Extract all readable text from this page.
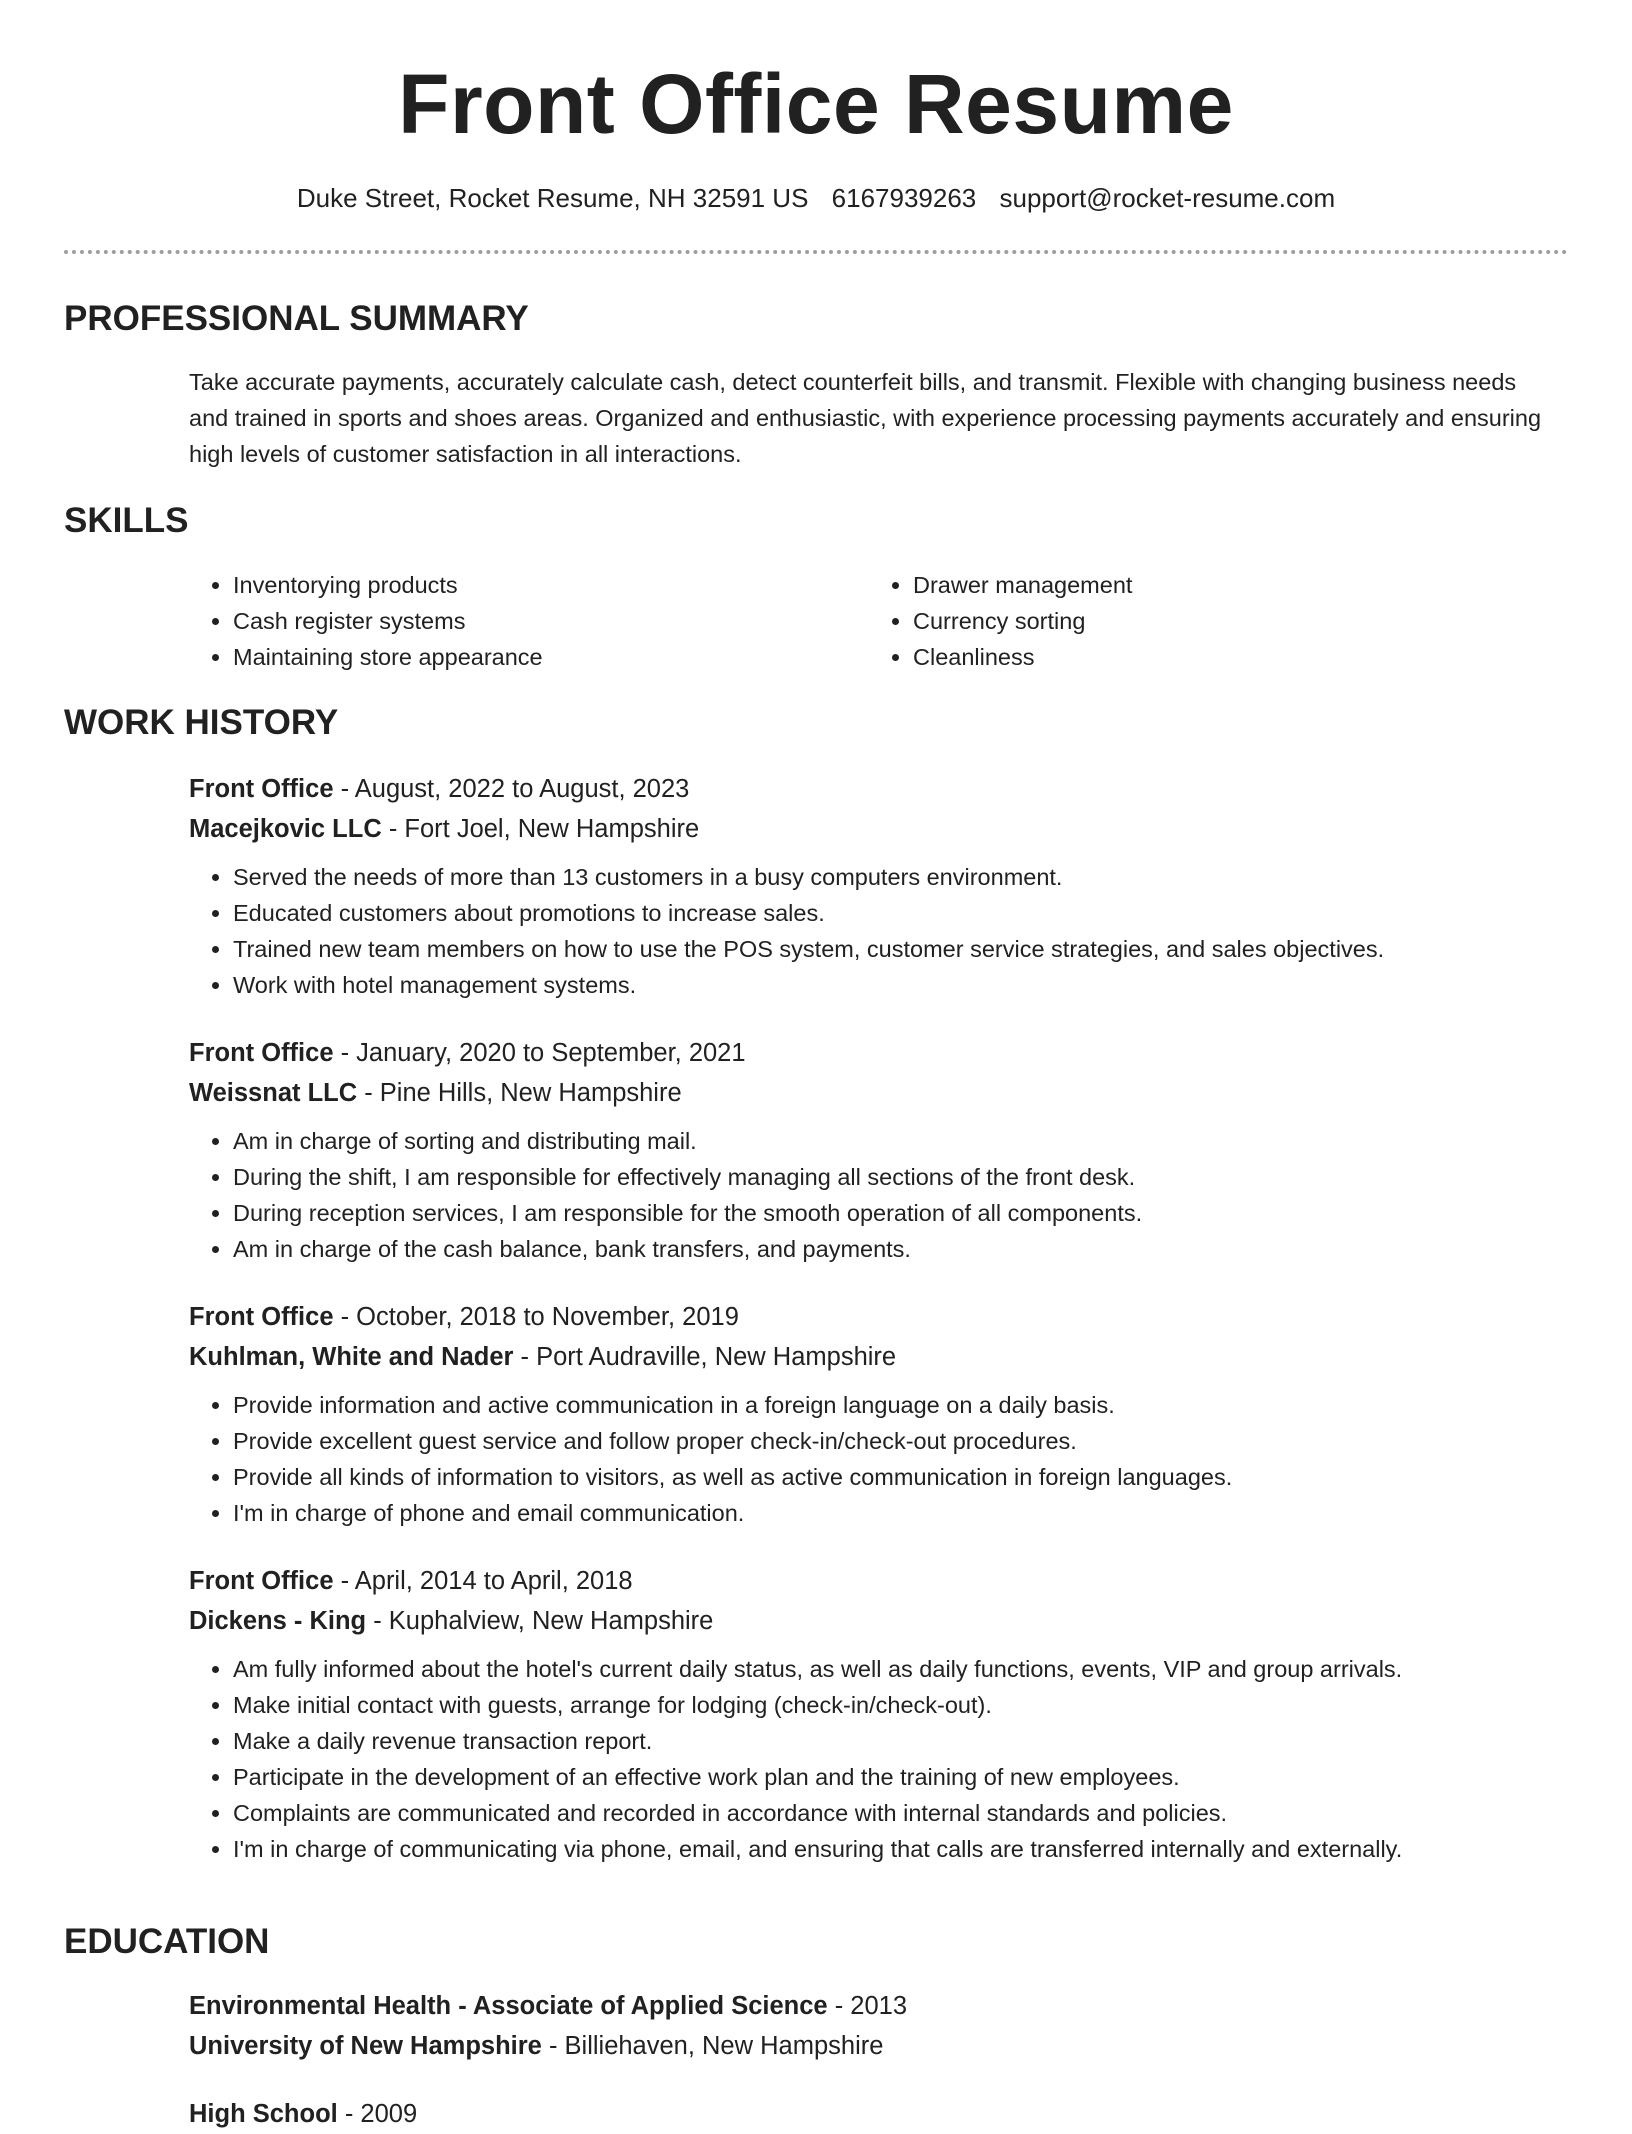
Front Office Resume
Duke Street, Rocket Resume, NH 32591 US 6167939263 support@rocket-resume.com
PROFESSIONAL SUMMARY

Take accurate payments, accurately calculate cash, detect counterfeit bills, and transmit. Flexible with changing business needs and trained in sports and shoes areas. Organized and enthusiastic, with experience processing payments accurately and ensuring high levels of customer satisfaction in all interactions.

SKILLS
• Inventorying products
• Cash register systems
• Maintaining store appearance
• Drawer management
• Currency sorting
• Cleanliness
WORK HISTORY
Front Office - August, 2022 to August, 2023
Macejkovic LLC - Fort Joel, New Hampshire
• Served the needs of more than 13 customers in a busy computers environment.
• Educated customers about promotions to increase sales.
• Trained new team members on how to use the POS system, customer service strategies, and sales objectives.
• Work with hotel management systems.
Front Office - January, 2020 to September, 2021
Weissnat LLC - Pine Hills, New Hampshire
• Am in charge of sorting and distributing mail.
• During the shift, I am responsible for effectively managing all sections of the front desk.
• During reception services, I am responsible for the smooth operation of all components.
• Am in charge of the cash balance, bank transfers, and payments.
Front Office - October, 2018 to November, 2019
Kuhlman, White and Nader - Port Audraville, New Hampshire
• Provide information and active communication in a foreign language on a daily basis.
• Provide excellent guest service and follow proper check-in/check-out procedures.
• Provide all kinds of information to visitors, as well as active communication in foreign languages.
• I'm in charge of phone and email communication.
Front Office - April, 2014 to April, 2018
Dickens - King - Kuphalview, New Hampshire
• Am fully informed about the hotel's current daily status, as well as daily functions, events, VIP and group arrivals.
• Make initial contact with guests, arrange for lodging (check-in/check-out).
• Make a daily revenue transaction report.
• Participate in the development of an effective work plan and the training of new employees.
• Complaints are communicated and recorded in accordance with internal standards and policies.
• I'm in charge of communicating via phone, email, and ensuring that calls are transferred internally and externally.
EDUCATION
Environmental Health - Associate of Applied Science - 2013
University of New Hampshire - Billiehaven, New Hampshire
High School - 2009
